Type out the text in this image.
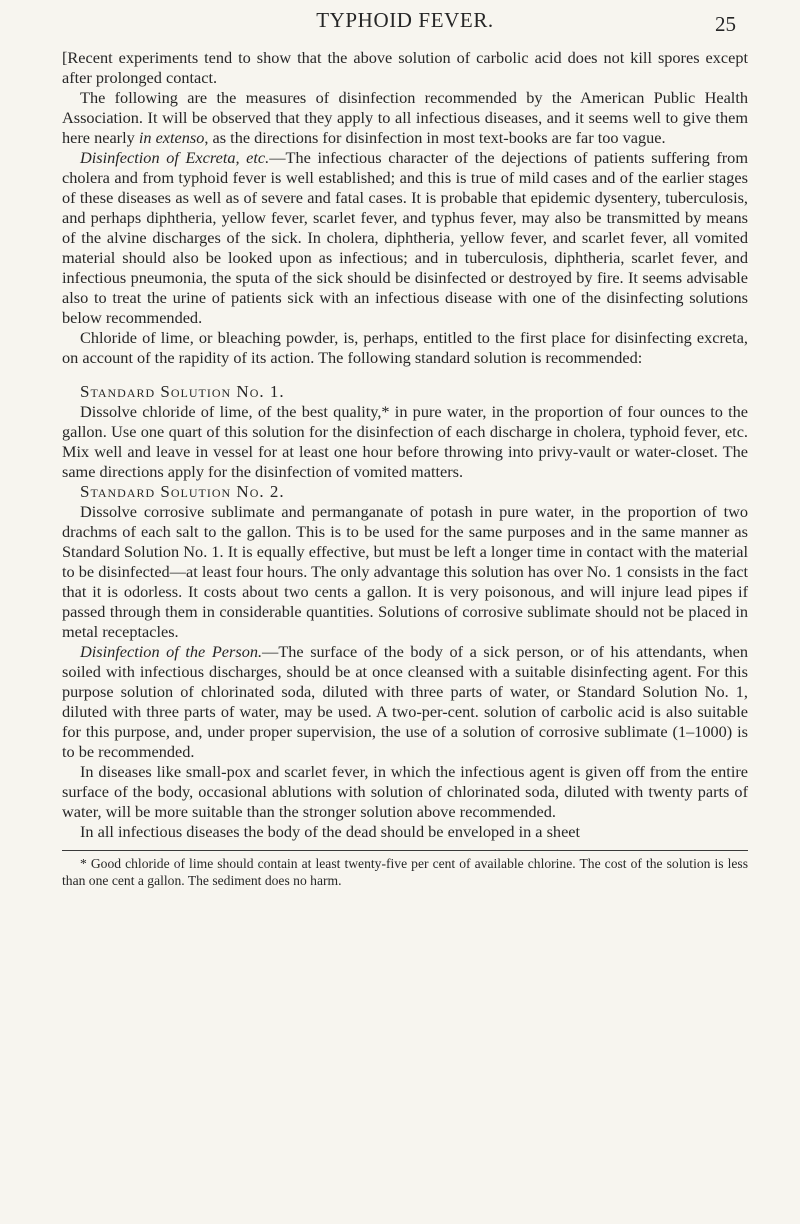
TYPHOID FEVER.	25

[Recent experiments tend to show that the above solution of carbolic acid does not kill spores except after prolonged contact.

The following are the measures of disinfection recommended by the American Public Health Association. It will be observed that they apply to all infectious diseases, and it seems well to give them here nearly in extenso, as the directions for disinfection in most text-books are far too vague.

Disinfection of Excreta, etc.—The infectious character of the dejections of patients suffering from cholera and from typhoid fever is well established; and this is true of mild cases and of the earlier stages of these diseases as well as of severe and fatal cases. It is probable that epidemic dysentery, tuberculosis, and perhaps diphtheria, yellow fever, scarlet fever, and typhus fever, may also be transmitted by means of the alvine discharges of the sick. In cholera, diphtheria, yellow fever, and scarlet fever, all vomited material should also be looked upon as infectious; and in tuberculosis, diphtheria, scarlet fever, and infectious pneumonia, the sputa of the sick should be disinfected or destroyed by fire. It seems advisable also to treat the urine of patients sick with an infectious disease with one of the disinfecting solutions below recommended.

Chloride of lime, or bleaching powder, is, perhaps, entitled to the first place for disinfecting excreta, on account of the rapidity of its action. The following standard solution is recommended:

Standard Solution No. 1.

Dissolve chloride of lime, of the best quality,* in pure water, in the proportion of four ounces to the gallon. Use one quart of this solution for the disinfection of each discharge in cholera, typhoid fever, etc. Mix well and leave in vessel for at least one hour before throwing into privy-vault or water-closet. The same directions apply for the disinfection of vomited matters.

Standard Solution No. 2.

Dissolve corrosive sublimate and permanganate of potash in pure water, in the proportion of two drachms of each salt to the gallon. This is to be used for the same purposes and in the same manner as Standard Solution No. 1. It is equally effective, but must be left a longer time in contact with the material to be disinfected—at least four hours. The only advantage this solution has over No. 1 consists in the fact that it is odorless. It costs about two cents a gallon. It is very poisonous, and will injure lead pipes if passed through them in considerable quantities. Solutions of corrosive sublimate should not be placed in metal receptacles.

Disinfection of the Person.—The surface of the body of a sick person, or of his attendants, when soiled with infectious discharges, should be at once cleansed with a suitable disinfecting agent. For this purpose solution of chlorinated soda, diluted with three parts of water, or Standard Solution No. 1, diluted with three parts of water, may be used. A two-per-cent. solution of carbolic acid is also suitable for this purpose, and, under proper supervision, the use of a solution of corrosive sublimate (1–1000) is to be recommended.

In diseases like small-pox and scarlet fever, in which the infectious agent is given off from the entire surface of the body, occasional ablutions with solution of chlorinated soda, diluted with twenty parts of water, will be more suitable than the stronger solution above recommended.

In all infectious diseases the body of the dead should be enveloped in a sheet

* Good chloride of lime should contain at least twenty-five per cent of available chlorine. The cost of the solution is less than one cent a gallon. The sediment does no harm.
